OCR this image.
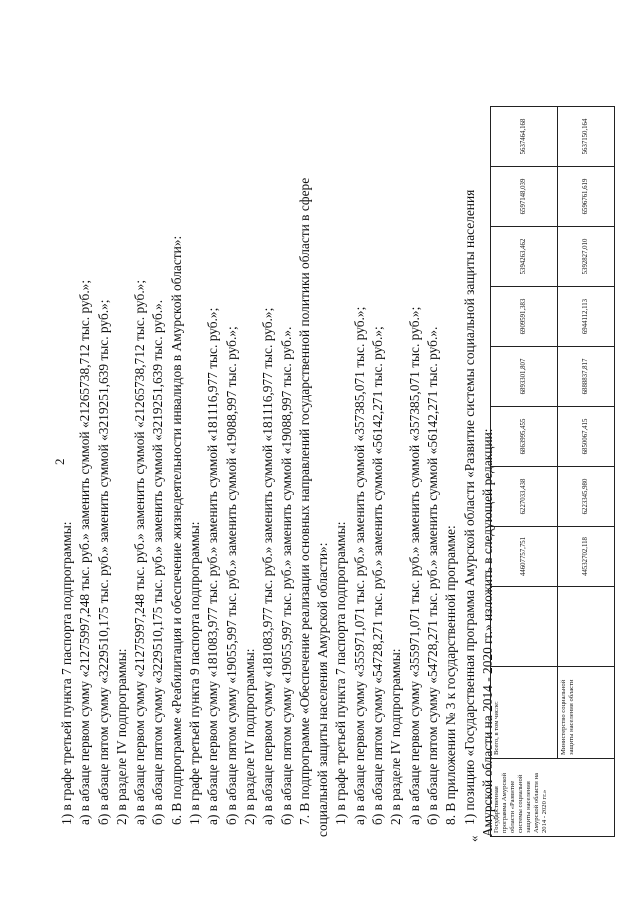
2
1) в графе третьей пункта 7 паспорта подпрограммы: а) в абзаце первом сумму «21275997,248 тыс. руб.» заменить суммой «21265738,712 тыс. руб.»; б) в абзаце пятом сумму «3229510,175 тыс. руб.» заменить суммой «3219251,639 тыс. руб.»; 2) в разделе IV подпрограммы: а) в абзаце первом сумму «21275997,248 тыс. руб.» заменить суммой «21265738,712 тыс. руб.»; б) в абзаце пятом сумму «3229510,175 тыс. руб.» заменить суммой «3219251,639 тыс. руб.». 6. В подпрограмме «Реабилитация и обеспечение жизнедеятельности инвалидов в Амурской области»: 1) в графе третьей пункта 9 паспорта подпрограммы: а) в абзаце первом сумму «181083,977 тыс. руб.» заменить суммой «181116,977 тыс. руб.»; б) в абзаце пятом сумму «19055,997 тыс. руб.» заменить суммой «19088,997 тыс. руб.»; 2) в разделе IV подпрограммы: а) в абзаце первом сумму «181083,977 тыс. руб.» заменить суммой «181116,977 тыс. руб.»; б) в абзаце пятом сумму «19055,997 тыс. руб.» заменить суммой «19088,997 тыс. руб.». 7. В подпрограмме «Обеспечение реализации основных направлений государственной политики области в сфере социальной защиты населения Амурской области»: 1) в графе третьей пункта 7 паспорта подпрограммы: а) в абзаце первом сумму «355971,071 тыс. руб.» заменить суммой «357385,071 тыс. руб.»; б) в абзаце пятом сумму «54728,271 тыс. руб.» заменить суммой «56142,271 тыс. руб.»; 2) в разделе IV подпрограммы: а) в абзаце первом сумму «355971,071 тыс. руб.» заменить суммой «357385,071 тыс. руб.»; б) в абзаце пятом сумму «54728,271 тыс. руб.» заменить суммой «56142,271 тыс. руб.». 8. В приложении № 3 к государственной программе: 1) позицию «Государственная программа Амурской области «Развитие системы социальной защиты населения Амурской области на 2014 - 2020 гг.» изложить в следующей редакции:
«
Государственная программа Амурской области «Развитие системы социальной защиты населения Амурской области на 2014 - 2020 гг.»	Всего, в том числе:		44607757,751	6227033,438	6863995,455	6893301,807	6909591,383	5394263,462	6597148,039	5637464,168
	Министерство социальной защиты населения области		44532702,118	6223345,980	6850067,415	6888837,817	6944112,113	5392827,010	6596761,619	5637150,164
